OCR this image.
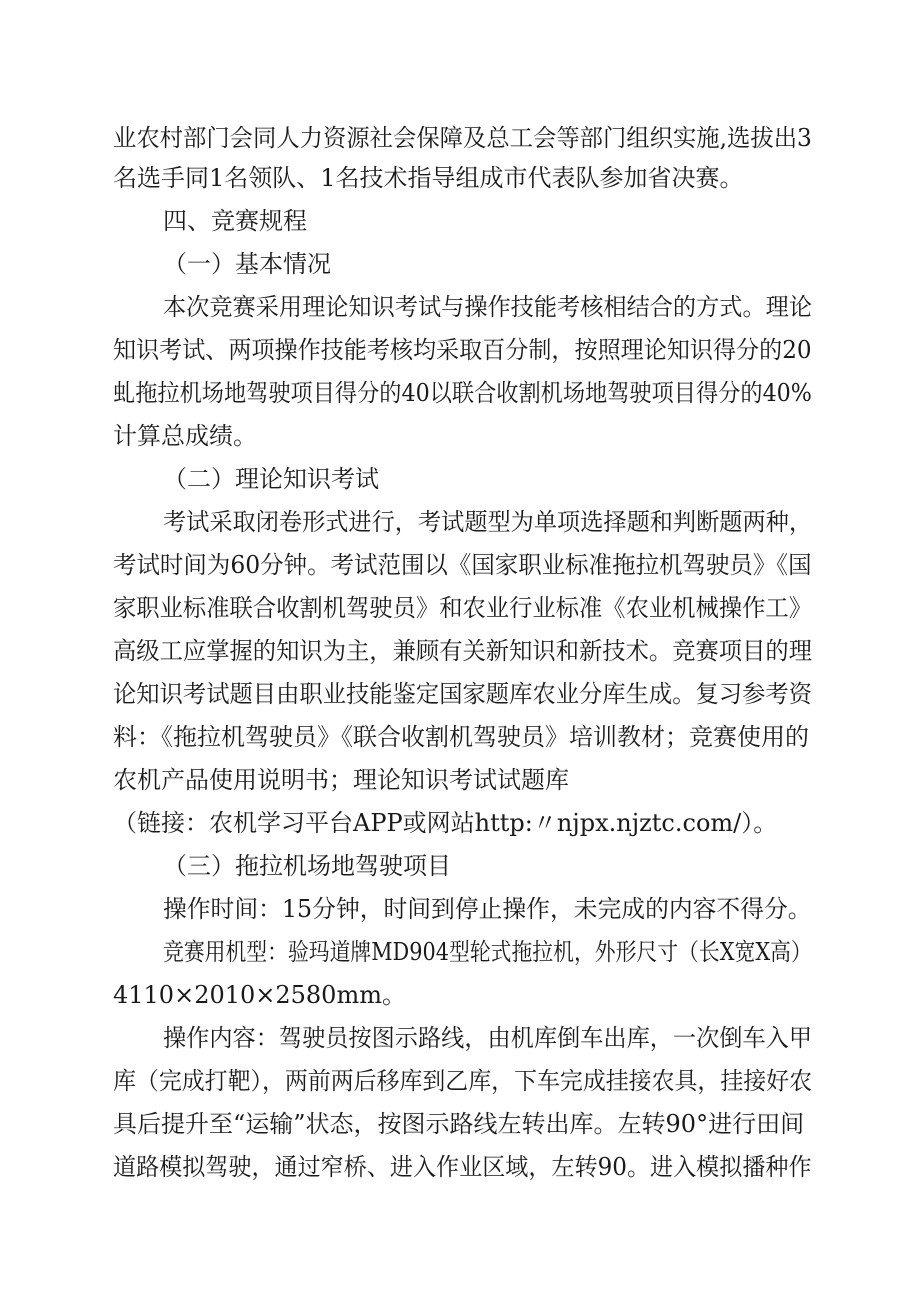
业农村部门会同人力资源社会保障及总工会等部门组织实施,选拔出3
名选手同1名领队、1名技术指导组成市代表队参加省决赛。
四、竞赛规程
（一）基本情况
本次竞赛采用理论知识考试与操作技能考核相结合的方式。理论
知识考试、两项操作技能考核均采取百分制，按照理论知识得分的20
虬拖拉机场地驾驶项目得分的40以联合收割机场地驾驶项目得分的40%
计算总成绩。
（二）理论知识考试
考试采取闭卷形式进行，考试题型为单项选择题和判断题两种，
考试时间为60分钟。考试范围以《国家职业标准拖拉机驾驶员》《国
家职业标准联合收割机驾驶员》和农业行业标准《农业机械操作工》
高级工应掌握的知识为主，兼顾有关新知识和新技术。竞赛项目的理
论知识考试题目由职业技能鉴定国家题库农业分库生成。复习参考资
料：《拖拉机驾驶员》《联合收割机驾驶员》培训教材；竞赛使用的
农机产品使用说明书；理论知识考试试题库
（链接：农机学习平台APP或网站http:〃njpx.njztc.com/）。
（三）拖拉机场地驾驶项目
操作时间：15分钟，时间到停止操作，未完成的内容不得分。
竞赛用机型：验玛道牌MD904型轮式拖拉机，外形尺寸（长X宽X高）
4110×2010×2580mm。
操作内容：驾驶员按图示路线，由机库倒车出库，一次倒车入甲
库（完成打靶），两前两后移库到乙库，下车完成挂接农具，挂接好农
具后提升至“运输”状态，按图示路线左转出库。左转90°进行田间
道路模拟驾驶，通过窄桥、进入作业区域，左转90。进入模拟播种作
